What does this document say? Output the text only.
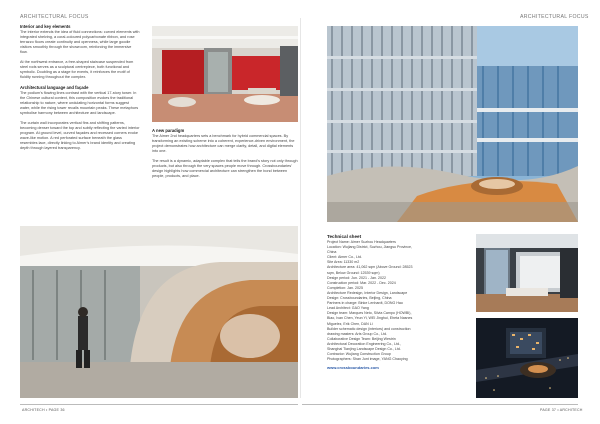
ARCHITECTURAL FOCUS	ARCHITECTURAL FOCUS
Interior and key elements

The interior extends the idea of fluid connections: curved elements with integrated shelving, a coral-coloured polycarbonate ribbon, and rose terrazzo floors create continuity and openness, while large goodie visitors smoothly through the showroom, reinforcing the immersive flow.

At the northwest entrance, a free-shaped staircase suspended from steel rods serves as a sculptural centrepiece, both functional and symbolic. Doubling as a stage for events, it reinforces the motif of fluidity running throughout the complex.

Architectural language and façade

The podium’s flowing lines contrast with the vertical 17-story tower. In the Chinese cultural context, this composition evokes the traditional relationship to nature, where undulating horizontal forms suggest water, while the rising tower recalls mountain peaks. These metaphors symbolise harmony between architecture and landscape.

The curtain wall incorporates vertical fins and shifting patterns, becoming denser toward the top and subtly reflecting the varied interior program. At ground level, curved façades and recessed corners evoke wave-like motion. A red perforated surface beneath the glass resembles lace, directly linking to Aimer’s brand identity and creating depth through layered transparency.

A new paradigm

The Aimer 2nd headquarters sets a benchmark for hybrid commercial spaces. By transforming an existing scheme into a coherent, experience-driven environment, the project demonstrates how architecture can merge clarity, detail, and digital elements into one.

The result is a dynamic, adaptable complex that tells the brand’s story not only through products, but also through the very spaces people move through. Crossboundaries’ design highlights how commercial architecture can strengthen the bond between people, products, and place.

Technical sheet
Project Name: Aimer Suzhou Headquarters
Location: Wujiang District, Suzhou, Jiangsu Province,
China
Client: Aimer Co., Ltd.
Site Area: 11330 m2
Architecture area: 41,062 sqm (Above Ground: 28523
sqm, Below Ground: 12539 sqm)
Design period: Jun. 2021 - Jan. 2022
Construction period: Mar. 2022 - Dec. 2024
Completion: Jan. 2025
Architecture Redesign, Interior Design, Landscape
Design: Crossboundaries, Beijing, China
Partners in charge: Binke Lenhardt, DONG Hao
Lead Architect: GAO Yang
Design team: Marques Neto, Silvia Campo (HOWBI),
Biao, Ivan Chen, Yeun Yi, WEI Jinghui, Eheta Nasnes
Miguelez, Erik Chen, DAN Li
Builder schematic design (interiors) and construction
drawing masters: Arts Group Co., Ltd.
Collaborative Design Team: Beijing Westrin
Architectural Decoration Engineering Co., Ltd.,
Shanghai Tianjing Landscape Design Co., Ltd.
Contractor: Wujiang Construction Group
Photographers: Shan Junt image, YANG Chaoying
www.crossboundaries.com
ARCHITECH • PAGE 36	PAGE 37 • ARCHITECH
